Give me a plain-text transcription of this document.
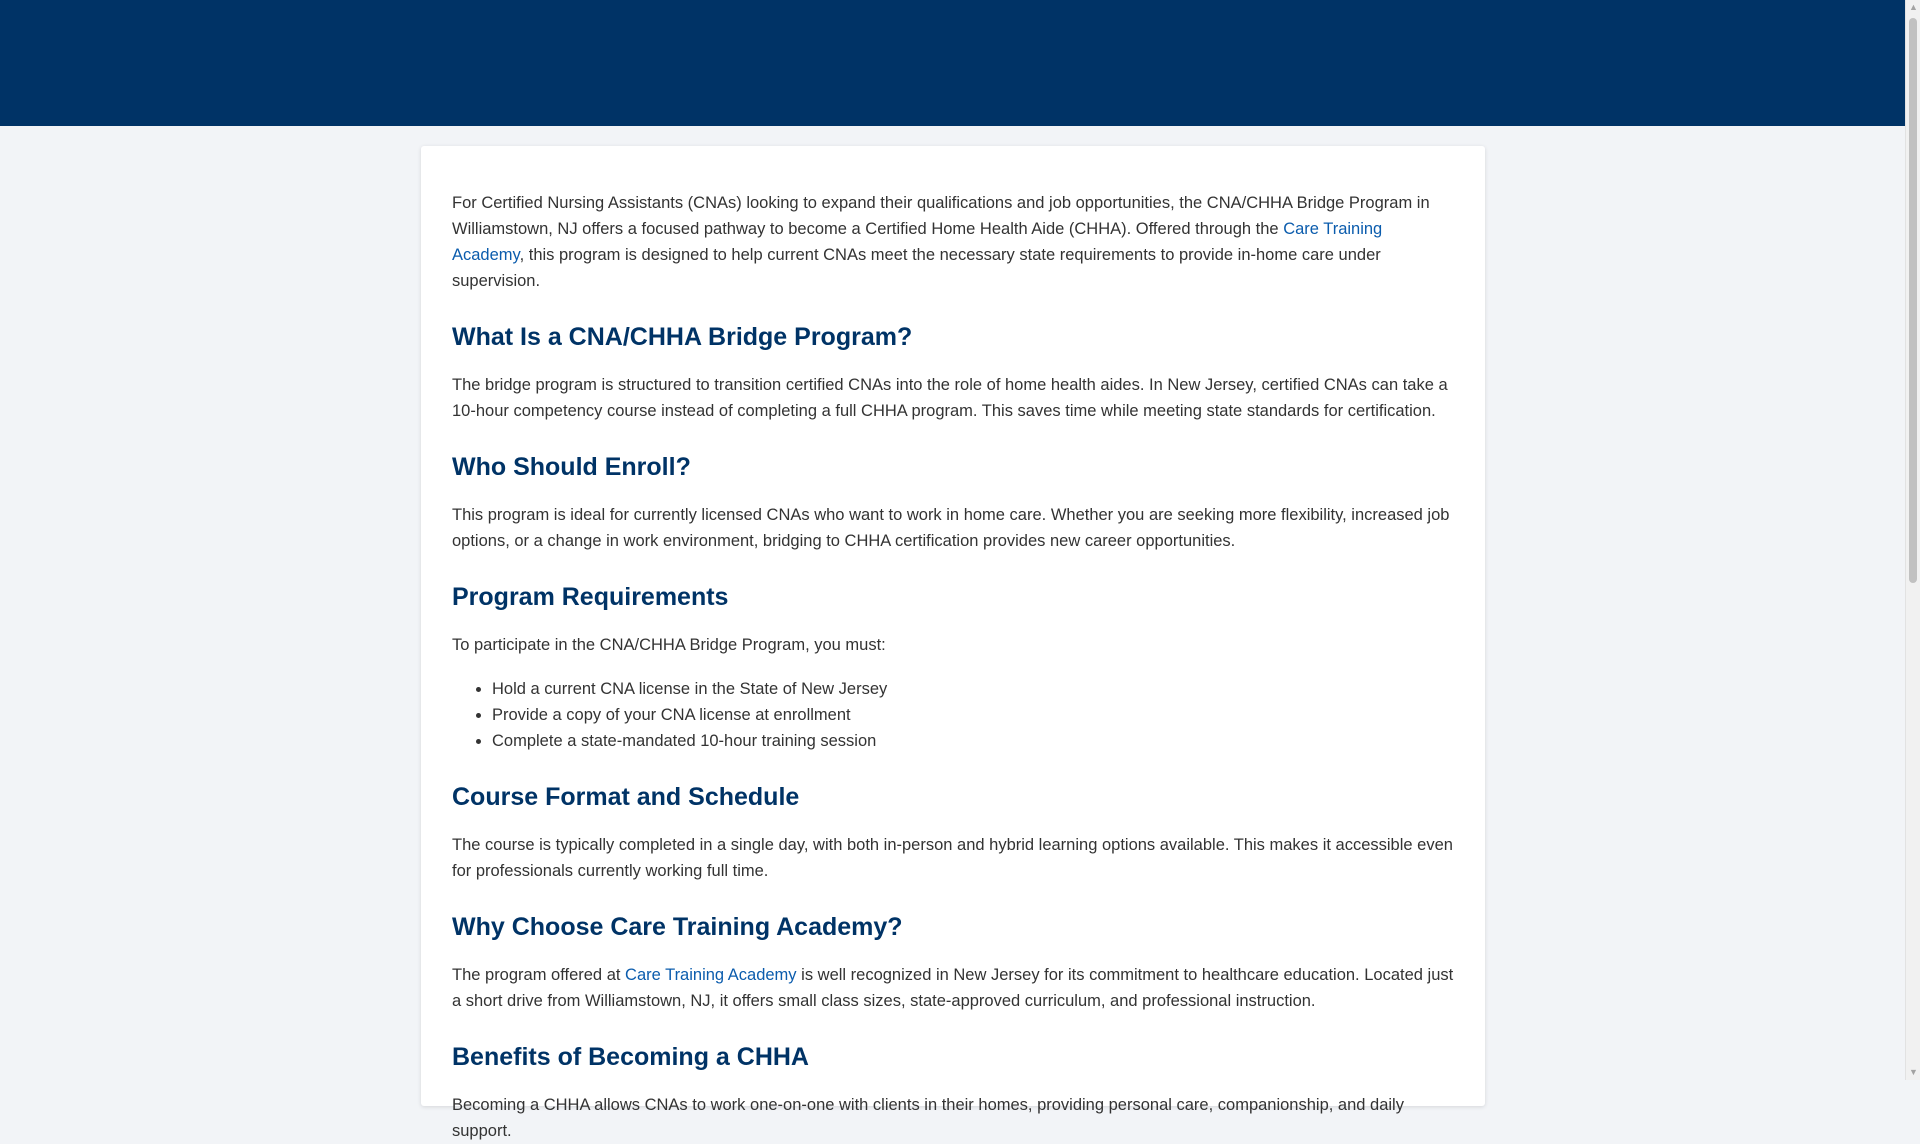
For Certified Nursing Assistants (CNAs) looking to expand their qualifications and job opportunities, the CNA/CHHA Bridge Program in Williamstown, NJ offers a focused pathway to become a Certified Home Health Aide (CHHA). Offered through the Care Training Academy, this program is designed to help current CNAs meet the necessary state requirements to provide in-home care under supervision.

What Is a CNA/CHHA Bridge Program?

The bridge program is structured to transition certified CNAs into the role of home health aides. In New Jersey, certified CNAs can take a 10-hour competency course instead of completing a full CHHA program. This saves time while meeting state standards for certification.

Who Should Enroll?

This program is ideal for currently licensed CNAs who want to work in home care. Whether you are seeking more flexibility, increased job options, or a change in work environment, bridging to CHHA certification provides new career opportunities.

Program Requirements

To participate in the CNA/CHHA Bridge Program, you must:

• Hold a current CNA license in the State of New Jersey
• Provide a copy of your CNA license at enrollment
• Complete a state-mandated 10-hour training session
Course Format and Schedule

The course is typically completed in a single day, with both in-person and hybrid learning options available. This makes it accessible even for professionals currently working full time.

Why Choose Care Training Academy?

The program offered at Care Training Academy is well recognized in New Jersey for its commitment to healthcare education. Located just a short drive from Williamstown, NJ, it offers small class sizes, state-approved curriculum, and professional instruction.

Benefits of Becoming a CHHA

Becoming a CHHA allows CNAs to work one-on-one with clients in their homes, providing personal care, companionship, and daily support.

▲
▼
